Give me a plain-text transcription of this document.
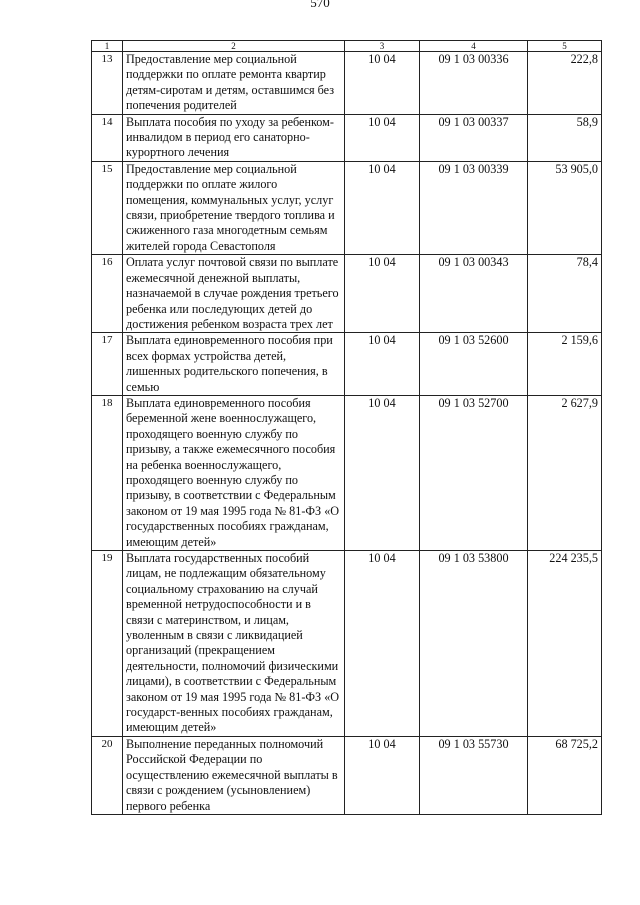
570
1	2	3	4	5
13	Предоставление мер социальной поддержки по оплате ремонта квартир детям-сиротам и детям, оставшимся без попечения родителей	10 04	09 1 03 00336	222,8
14	Выплата пособия по уходу за ребенком-инвалидом в период его санаторно-курортного лечения	10 04	09 1 03 00337	58,9
15	Предоставление мер социальной поддержки по оплате жилого помещения, коммунальных услуг, услуг связи, приобретение твердого топлива и сжиженного газа многодетным семьям жителей города Севастополя	10 04	09 1 03 00339	53 905,0
16	Оплата услуг почтовой связи по выплате ежемесячной денежной выплаты, назначаемой в случае рождения третьего ребенка или последующих детей до достижения ребенком возраста трех лет	10 04	09 1 03 00343	78,4
17	Выплата единовременного пособия при всех формах устройства детей, лишенных родительского попечения, в семью	10 04	09 1 03 52600	2 159,6
18	Выплата единовременного пособия беременной жене военнослужащего, проходящего военную службу по призыву, а также ежемесячного пособия на ребенка военнослужащего, проходящего военную службу по призыву, в соответствии с Федеральным законом от 19 мая 1995 года № 81-ФЗ «О государственных пособиях гражданам, имеющим детей»	10 04	09 1 03 52700	2 627,9
19	Выплата государственных пособий лицам, не подлежащим обязательному социальному страхованию на случай временной нетрудоспособности и в связи с материнством, и лицам, уволенным в связи с ликвидацией организаций (прекращением деятельности, полномочий физическими лицами), в соответствии с Федеральным законом от 19 мая 1995 года № 81-ФЗ «О государст-венных пособиях гражданам, имеющим детей»	10 04	09 1 03 53800	224 235,5
20	Выполнение переданных полномочий Российской Федерации по осуществлению ежемесячной выплаты в связи с рождением (усыновлением) первого ребенка	10 04	09 1 03 55730	68 725,2
